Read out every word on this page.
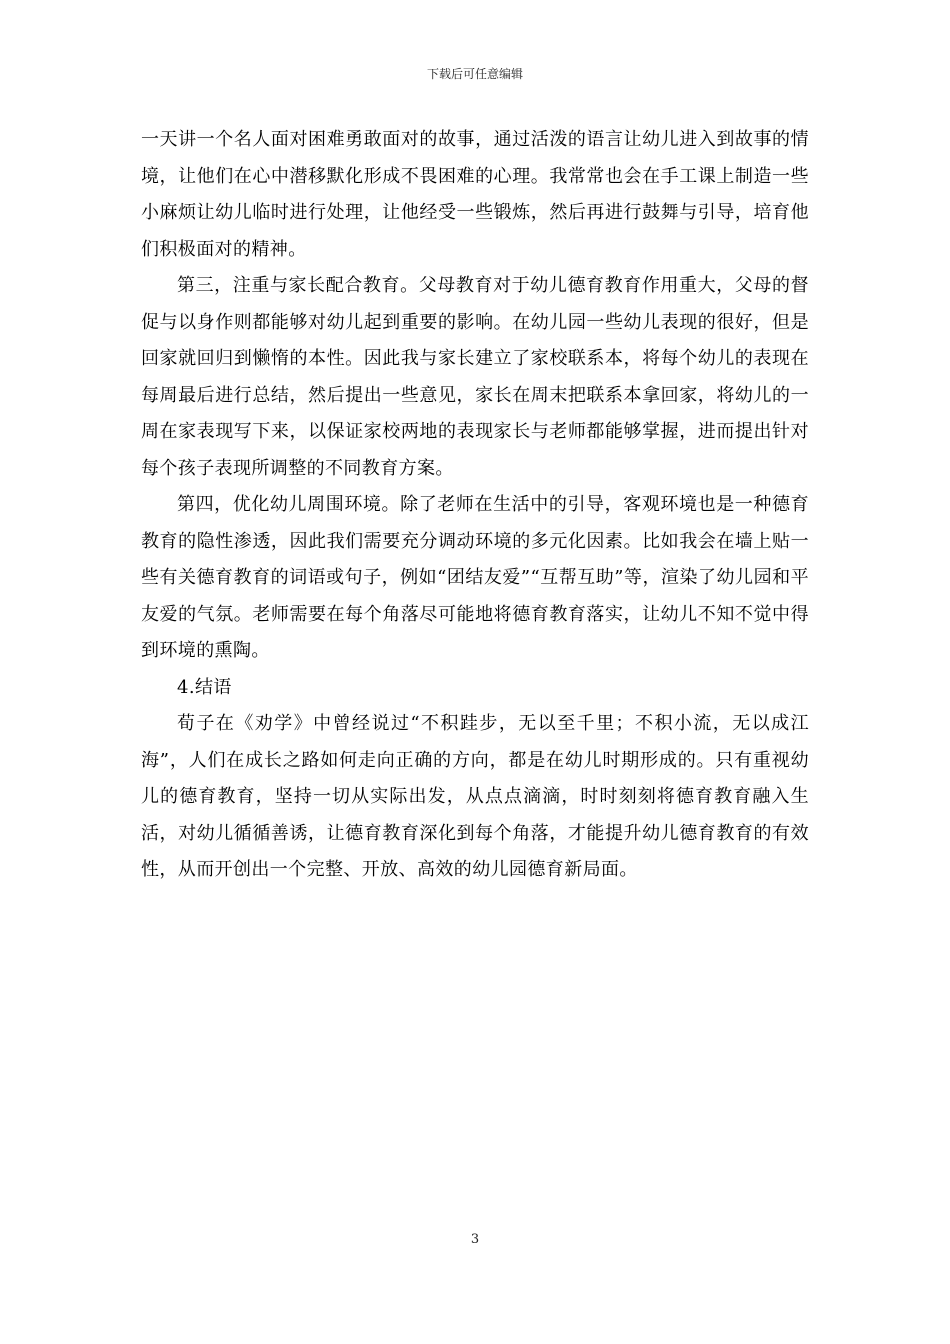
下载后可任意编辑

一天讲一个名人面对困难勇敢面对的故事，通过活泼的语言让幼儿进入到故事的情境，让他们在心中潜移默化形成不畏困难的心理。我常常也会在手工课上制造一些小麻烦让幼儿临时进行处理，让他经受一些锻炼，然后再进行鼓舞与引导，培育他们积极面对的精神。

第三，注重与家长配合教育。父母教育对于幼儿德育教育作用重大，父母的督促与以身作则都能够对幼儿起到重要的影响。在幼儿园一些幼儿表现的很好，但是回家就回归到懒惰的本性。因此我与家长建立了家校联系本，将每个幼儿的表现在每周最后进行总结，然后提出一些意见，家长在周末把联系本拿回家，将幼儿的一周在家表现写下来，以保证家校两地的表现家长与老师都能够掌握，进而提出针对每个孩子表现所调整的不同教育方案。

第四，优化幼儿周围环境。除了老师在生活中的引导，客观环境也是一种德育教育的隐性渗透，因此我们需要充分调动环境的多元化因素。比如我会在墙上贴一些有关德育教育的词语或句子，例如“团结友爱”“互帮互助”等，渲染了幼儿园和平友爱的气氛。老师需要在每个角落尽可能地将德育教育落实，让幼儿不知不觉中得到环境的熏陶。

4.结语

荀子在《劝学》中曾经说过“不积跬步，无以至千里；不积小流，无以成江海”，人们在成长之路如何走向正确的方向，都是在幼儿时期形成的。只有重视幼儿的德育教育，坚持一切从实际出发，从点点滴滴，时时刻刻将德育教育融入生活，对幼儿循循善诱，让德育教育深化到每个角落，才能提升幼儿德育教育的有效性，从而开创出一个完整、开放、高效的幼儿园德育新局面。

3
